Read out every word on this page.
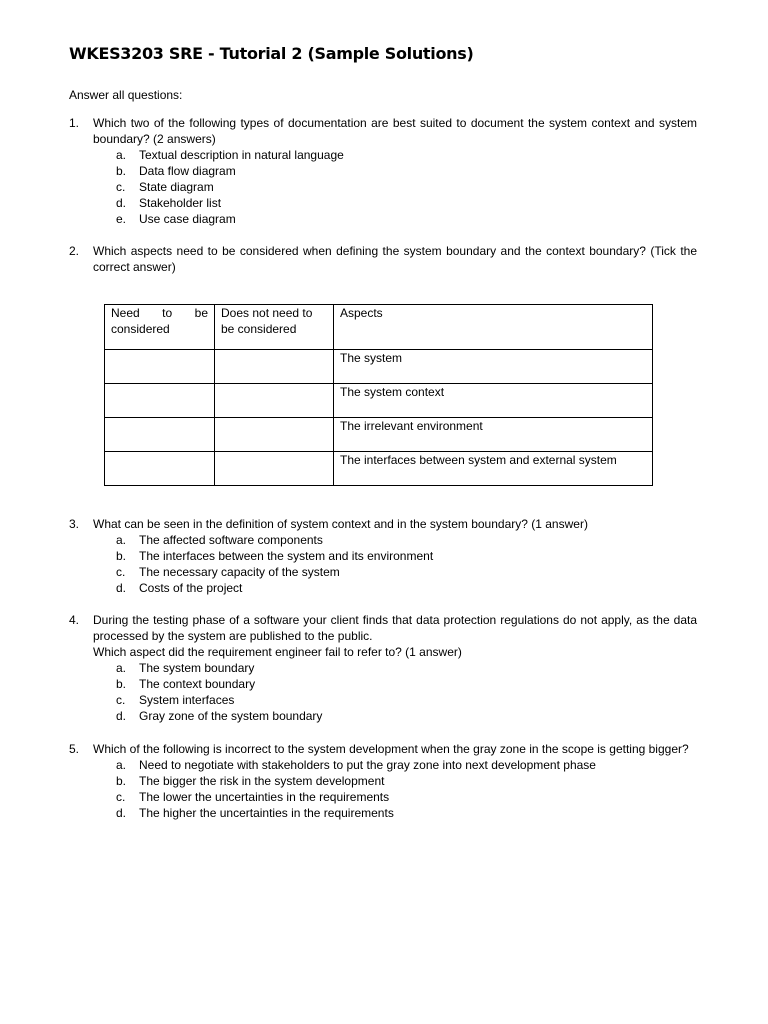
WKES3203 SRE - Tutorial 2 (Sample Solutions)
Answer all questions:
1.	Which two of the following types of documentation are best suited to document the system context and system boundary? (2 answers)
a. Textual description in natural language
b. Data flow diagram
c. State diagram
d. Stakeholder list
e. Use case diagram
2.	Which aspects need to be considered when defining the system boundary and the context boundary? (Tick the correct answer)
Need to be considered	Does not need to be considered	Aspects
		The system
		The system context
		The irrelevant environment
		The interfaces between system and external system
3.	What can be seen in the definition of system context and in the system boundary? (1 answer)
a. The affected software components
b. The interfaces between the system and its environment
c. The necessary capacity of the system
d. Costs of the project
4.	During the testing phase of a software your client finds that data protection regulations do not apply, as the data processed by the system are published to the public.
Which aspect did the requirement engineer fail to refer to? (1 answer)
a. The system boundary
b. The context boundary
c. System interfaces
d. Gray zone of the system boundary
5.	Which of the following is incorrect to the system development when the gray zone in the scope is getting bigger?
a. Need to negotiate with stakeholders to put the gray zone into next development phase
b. The bigger the risk in the system development
c. The lower the uncertainties in the requirements
d. The higher the uncertainties in the requirements
